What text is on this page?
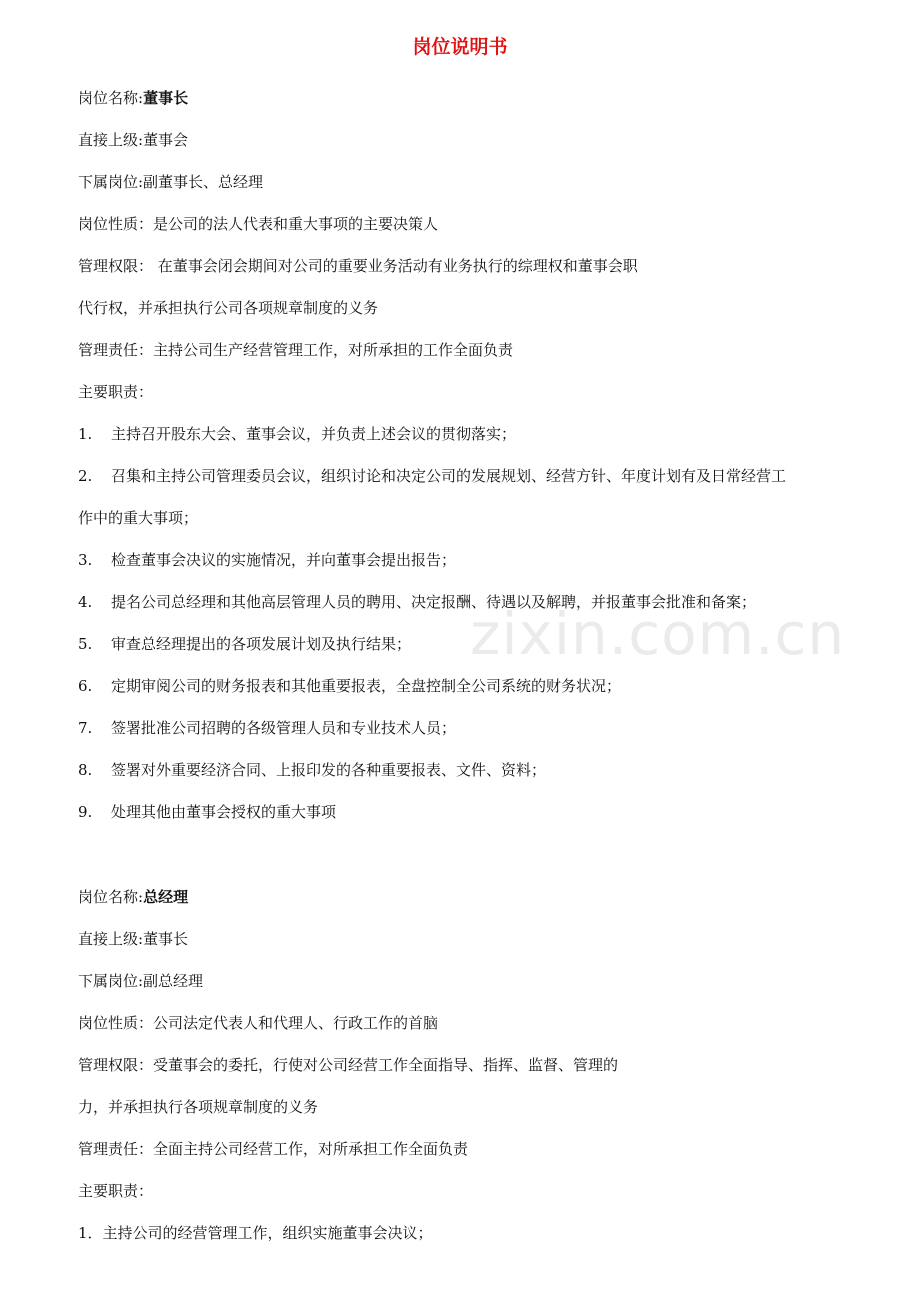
岗位说明书
zixin.com.cn
岗位名称:董事长
直接上级:董事会
下属岗位:副董事长、总经理
岗位性质：是公司的法人代表和重大事项的主要决策人
管理权限： 在董事会闭会期间对公司的重要业务活动有业务执行的综理权和董事会职
代行权，并承担执行公司各项规章制度的义务
管理责任：主持公司生产经营管理工作，对所承担的工作全面负责
主要职责：
1. 主持召开股东大会、董事会议，并负责上述会议的贯彻落实；
2. 召集和主持公司管理委员会议，组织讨论和决定公司的发展规划、经营方针、年度计划有及日常经营工
作中的重大事项；
3. 检查董事会决议的实施情况，并向董事会提出报告；
4. 提名公司总经理和其他高层管理人员的聘用、决定报酬、待遇以及解聘，并报董事会批准和备案；
5. 审查总经理提出的各项发展计划及执行结果；
6. 定期审阅公司的财务报表和其他重要报表，全盘控制全公司系统的财务状况；
7. 签署批准公司招聘的各级管理人员和专业技术人员；
8. 签署对外重要经济合同、上报印发的各种重要报表、文件、资料；
9. 处理其他由董事会授权的重大事项
岗位名称:总经理
直接上级:董事长
下属岗位:副总经理
岗位性质：公司法定代表人和代理人、行政工作的首脑
管理权限：受董事会的委托，行使对公司经营工作全面指导、指挥、监督、管理的
力，并承担执行各项规章制度的义务
管理责任：全面主持公司经营工作，对所承担工作全面负责
主要职责：
1．主持公司的经营管理工作，组织实施董事会决议；
